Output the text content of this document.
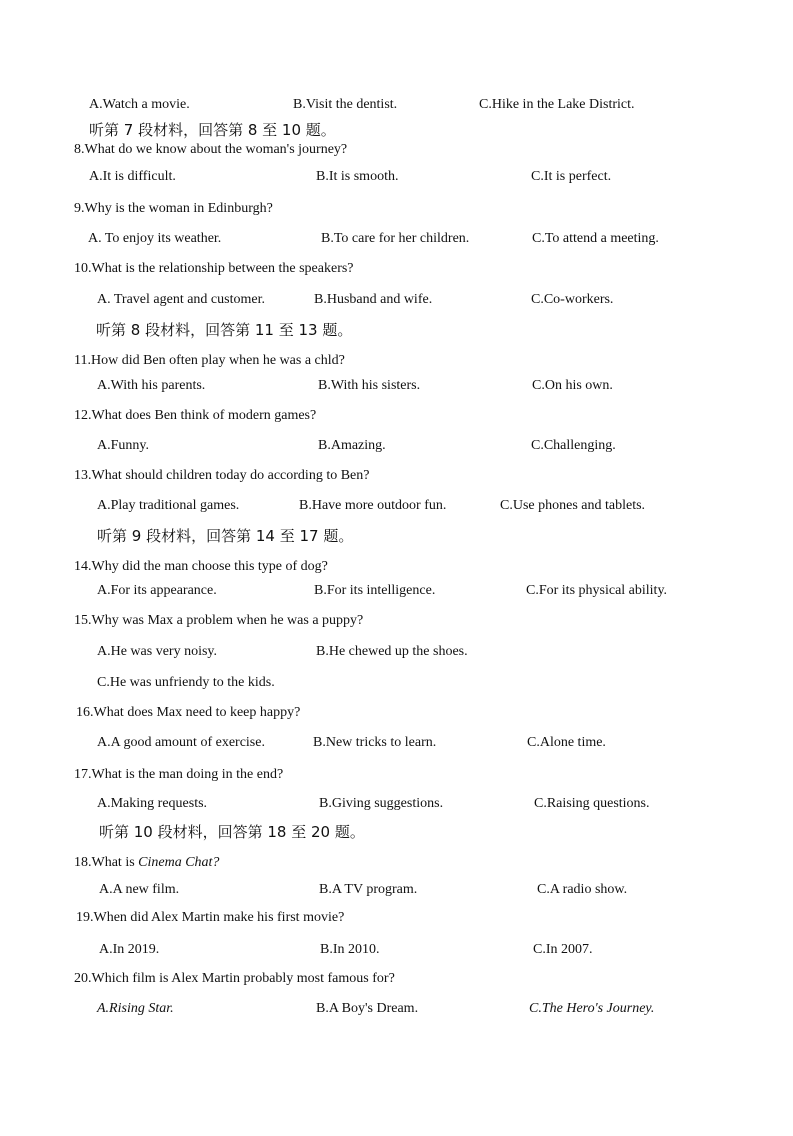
A.Watch a movie.	B.Visit the dentist.	C.Hike in the Lake District.
听第 7 段材料，回答第 8 至 10 题。
8.What do we know about the woman's journey?
A.It is difficult.	B.It is smooth.	C.It is perfect.
9.Why is the woman in Edinburgh?
A. To enjoy its weather.	B.To care for her children.	C.To attend a meeting.
10.What is the relationship between the speakers?
A. Travel agent and customer.	B.Husband and wife.	C.Co-workers.
听第 8 段材料，回答第 11 至 13 题。
11.How did Ben often play when he was a chld?
A.With his parents.	B.With his sisters.	C.On his own.
12.What does Ben think of modern games?
A.Funny.	B.Amazing.	C.Challenging.
13.What should children today do according to Ben?
A.Play traditional games.	B.Have more outdoor fun.	C.Use phones and tablets.
听第 9 段材料，回答第 14 至 17 题。
14.Why did the man choose this type of dog?
A.For its appearance.	B.For its intelligence.	C.For its physical ability.
15.Why was Max a problem when he was a puppy?
A.He was very noisy.	B.He chewed up the shoes.
C.He was unfriendy to the kids.
16.What does Max need to keep happy?
A.A good amount of exercise.	B.New tricks to learn.	C.Alone time.
17.What is the man doing in the end?
A.Making requests.	B.Giving suggestions.	C.Raising questions.
听第 10 段材料，回答第 18 至 20 题。
18.What is Cinema Chat?
A.A new film.	B.A TV program.	C.A radio show.
19.When did Alex Martin make his first movie?
A.In 2019.	B.In 2010.	C.In 2007.
20.Which film is Alex Martin probably most famous for?
A.Rising Star.	B.A Boy's Dream.	C.The Hero's Journey.
